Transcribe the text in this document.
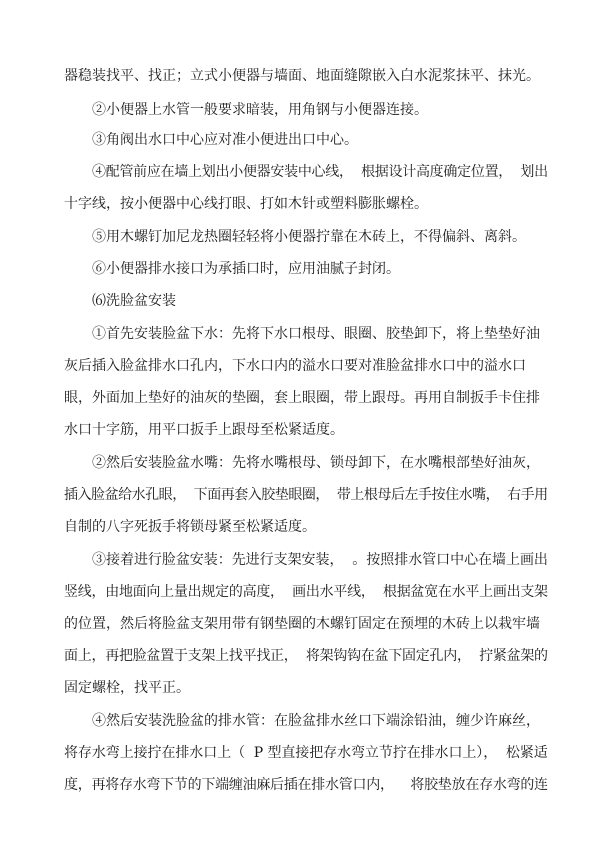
器稳装找平、找正；立式小便器与墙面、地面缝隙嵌入白水泥浆抹平、抹光。
②小便器上水管一般要求暗装，用角钢与小便器连接。
③角阀出水口中心应对准小便进出口中心。
④配管前应在墙上划出小便器安装中心线，  根据设计高度确定位置，  划出
十字线，按小便器中心线打眼、打如木针或塑料膨胀螺栓。
⑤用木螺钉加尼龙热圈轻轻将小便器拧靠在木砖上，不得偏斜、离斜。
⑥小便器排水接口为承插口时，应用油腻子封闭。
⑹洗脸盆安装
①首先安装脸盆下水：先将下水口根母、眼圈、胶垫卸下，将上垫垫好油
灰后插入脸盆排水口孔内，下水口内的溢水口要对准脸盆排水口中的溢水口
眼，外面加上垫好的油灰的垫圈，套上眼圈，带上跟母。再用自制扳手卡住排
水口十字筋，用平口扳手上跟母至松紧适度。
②然后安装脸盆水嘴：先将水嘴根母、锁母卸下，在水嘴根部垫好油灰，
插入脸盆给水孔眼，  下面再套入胶垫眼圈，  带上根母后左手按住水嘴，  右手用
自制的八字死扳手将锁母紧至松紧适度。
③接着进行脸盆安装：先进行支架安装，  。按照排水管口中心在墙上画出
竖线，由地面向上量出规定的高度，  画出水平线，  根据盆宽在水平上画出支架
的位置，然后将脸盆支架用带有钢垫圈的木螺钉固定在预埋的木砖上以栽牢墙
面上，再把脸盆置于支架上找平找正，  将架钩钩在盆下固定孔内，  拧紧盆架的
固定螺栓，找平正。
④然后安装洗脸盆的排水管：在脸盆排水丝口下端涂铅油，缠少许麻丝，
将存水弯上接拧在排水口上（  P 型直接把存水弯立节拧在排水口上），  松紧适
度，再将存水弯下节的下端缠油麻后插在排水管口内，    将胶垫放在存水弯的连
